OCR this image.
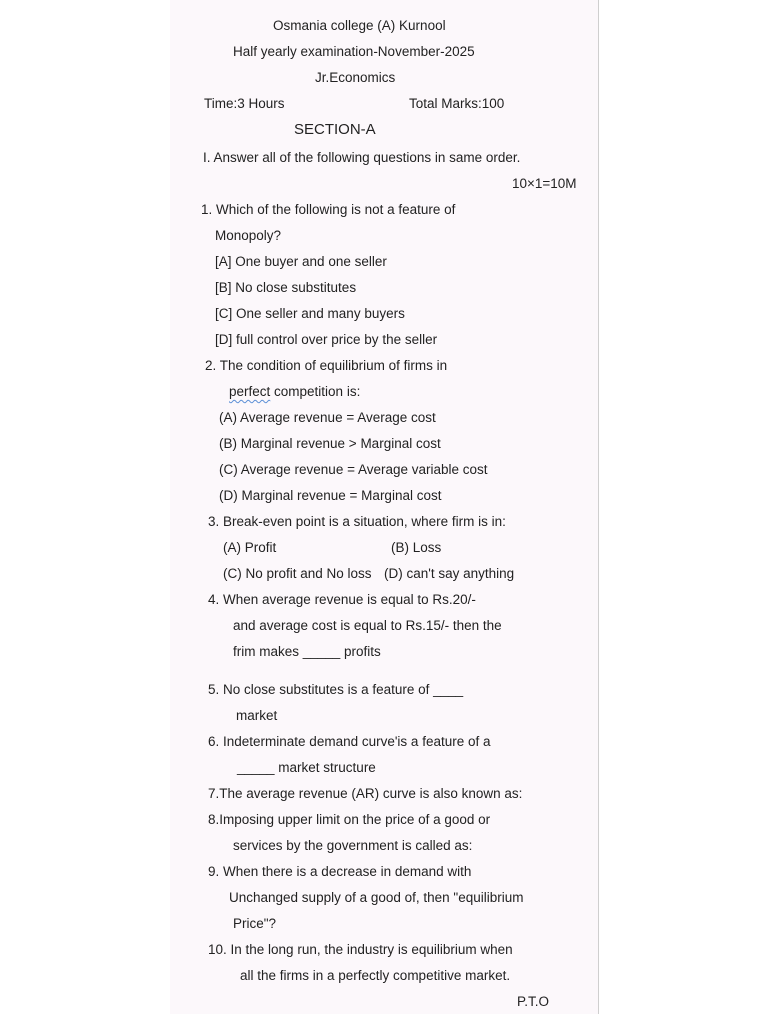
Osmania college (A) Kurnool
Half yearly examination-November-2025
Jr.Economics
Time:3 Hours	Total Marks:100
SECTION-A
I. Answer all of the following questions in same order.
10×1=10M
1. Which of the following is not a feature of
Monopoly?
[A] One buyer and one seller
[B] No close substitutes
[C] One seller and many buyers
[D] full control over price by the seller
2. The condition of equilibrium of firms in
perfect competition is:
(A) Average revenue = Average cost
(B) Marginal revenue > Marginal cost
(C) Average revenue = Average variable cost
(D) Marginal revenue = Marginal cost
3. Break-even point is a situation, where firm is in:
(A) Profit	(B) Loss
(C) No profit and No loss (D) can't say anything
4. When average revenue is equal to Rs.20/-
and average cost is equal to Rs.15/- then the
frim makes _____ profits
5. No close substitutes is a feature of ____
market
6. Indeterminate demand curve'is a feature of a
_____ market structure
7.The average revenue (AR) curve is also known as:
8.Imposing upper limit on the price of a good or
services by the government is called as:
9. When there is a decrease in demand with
Unchanged supply of a good of, then "equilibrium
Price"?
10. In the long run, the industry is equilibrium when
all the firms in a perfectly competitive market.
P.T.O
